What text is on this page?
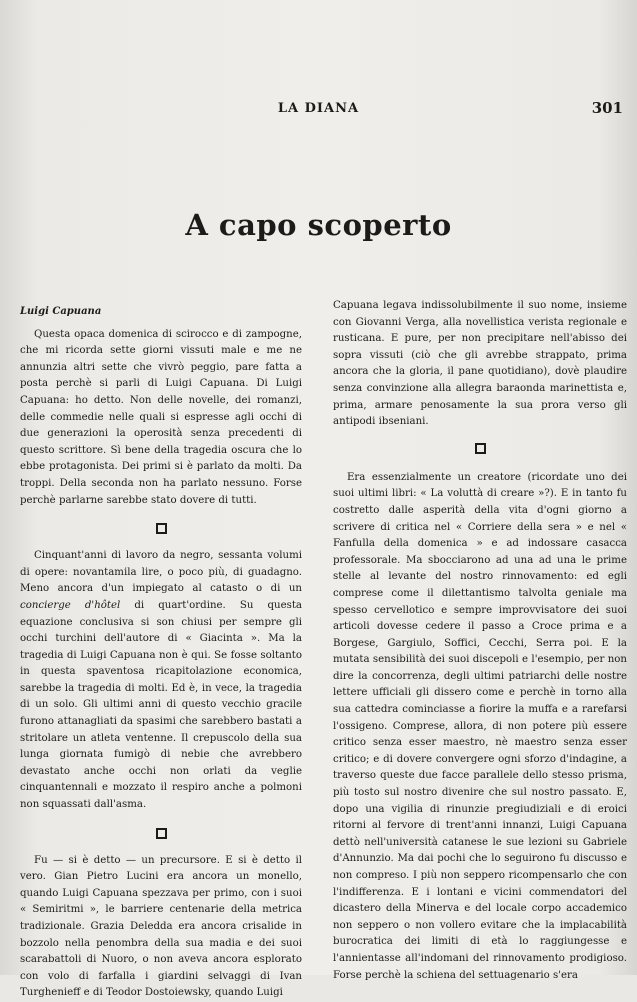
LA DIANA	301
A capo scoperto
Luigi Capuana

Questa opaca domenica di scirocco e di zampogne, che mi ricorda sette giorni vissuti male e me ne annunzia altri sette che vivrò peggio, pare fatta a posta perchè si parli di Luigi Capuana. Di Luigi Capuana: ho detto. Non delle novelle, dei romanzi, delle commedie nelle quali si espresse agli occhi di due generazioni la operosità senza precedenti di questo scrittore. Sì bene della tragedia oscura che lo ebbe protagonista. Dei primi si è parlato da molti. Da troppi. Della seconda non ha parlato nessuno. Forse perchè parlarne sarebbe stato dovere di tutti.

Cinquant'anni di lavoro da negro, sessanta volumi di opere: novantamila lire, o poco più, di guadagno. Meno ancora d'un impiegato al catasto o di un concierge d'hôtel di quart'ordine. Su questa equazione conclusiva si son chiusi per sempre gli occhi turchini dell'autore di « Giacinta ». Ma la tragedia di Luigi Capuana non è qui. Se fosse soltanto in questa spaventosa ricapitolazione economica, sarebbe la tragedia di molti. Ed è, in vece, la tragedia di un solo. Gli ultimi anni di questo vecchio gracile furono attanagliati da spasimi che sarebbero bastati a stritolare un atleta ventenne. Il crepuscolo della sua lunga giornata fumigò di nebie che avrebbero devastato anche occhi non orlati da veglie cinquantennali e mozzato il respiro anche a polmoni non squassati dall'asma.

Fu — si è detto — un precursore. E si è detto il vero. Gian Pietro Lucini era ancora un monello, quando Luigi Capuana spezzava per primo, con i suoi « Semiritmi », le barriere centenarie della metrica tradizionale. Grazia Deledda era ancora crisalide in bozzolo nella penombra della sua madia e dei suoi scarabattoli di Nuoro, o non aveva ancora esplorato con volo di farfalla i giardini selvaggi di Ivan Turghenieff e di Teodor Dostoiewsky, quando Luigi

Capuana legava indissolubilmente il suo nome, insieme con Giovanni Verga, alla novellistica verista regionale e rusticana. E pure, per non precipitare nell'abisso dei sopra vissuti (ciò che gli avrebbe strappato, prima ancora che la gloria, il pane quotidiano), dovè plaudire senza convinzione alla allegra baraonda marinettista e, prima, armare penosamente la sua prora verso gli antipodi ibseniani.

Era essenzialmente un creatore (ricordate uno dei suoi ultimi libri: « La voluttà di creare »?). E in tanto fu costretto dalle asperità della vita d'ogni giorno a scrivere di critica nel « Corriere della sera » e nel « Fanfulla della domenica » e ad indossare casacca professorale. Ma sbocciarono ad una ad una le prime stelle al levante del nostro rinnovamento: ed egli comprese come il dilettantismo talvolta geniale ma spesso cervellotico e sempre improvvisatore dei suoi articoli dovesse cedere il passo a Croce prima e a Borgese, Gargiulo, Soffici, Cecchi, Serra poi. E la mutata sensibilità dei suoi discepoli e l'esempio, per non dire la concorrenza, degli ultimi patriarchi delle nostre lettere ufficiali gli dissero come e perchè in torno alla sua cattedra cominciasse a fiorire la muffa e a rarefarsi l'ossigeno. Comprese, allora, di non potere più essere critico senza esser maestro, nè maestro senza esser critico; e di dovere convergere ogni sforzo d'indagine, a traverso queste due facce parallele dello stesso prisma, più tosto sul nostro divenire che sul nostro passato. E, dopo una vigilia di rinunzie pregiudiziali e di eroici ritorni al fervore di trent'anni innanzi, Luigi Capuana dettò nell'università catanese le sue lezioni su Gabriele d'Annunzio. Ma dai pochi che lo seguirono fu discusso e non compreso. I più non seppero ricompensarlo che con l'indifferenza. E i lontani e vicini commendatori del dicastero della Minerva e del locale corpo accademico non seppero o non vollero evitare che la implacabilità burocratica dei limiti di età lo raggiungesse e l'annientasse all'indomani del rinnovamento prodigioso. Forse perchè la schiena del settuagenario s'era
